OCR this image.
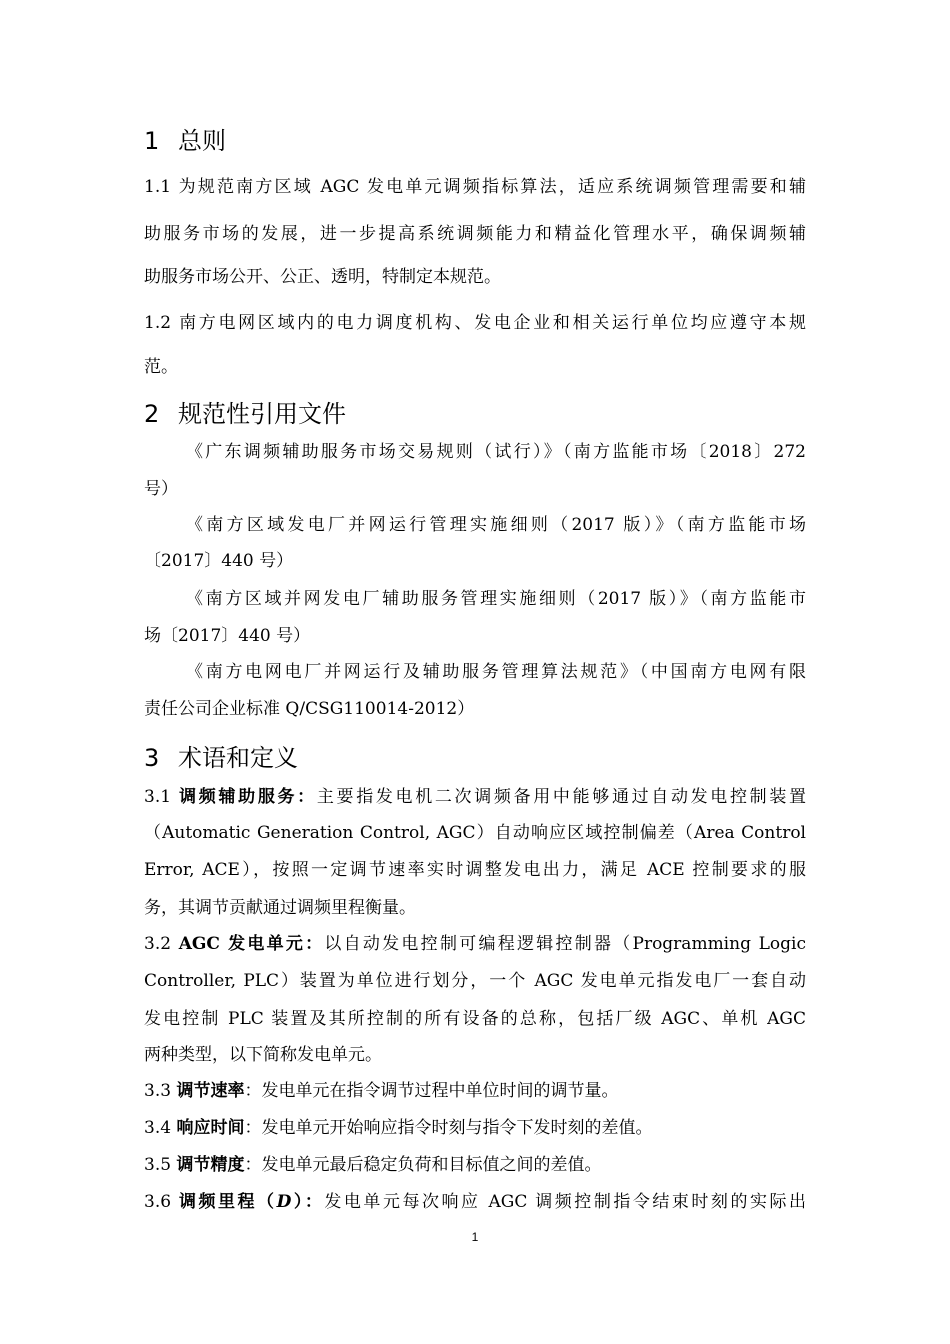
1 总则
1.1 为规范南方区域 AGC 发电单元调频指标算法，适应系统调频管理需要和辅
助服务市场的发展，进一步提高系统调频能力和精益化管理水平，确保调频辅
助服务市场公开、公正、透明，特制定本规范。
1.2 南方电网区域内的电力调度机构、发电企业和相关运行单位均应遵守本规
范。
2 规范性引用文件
《广东调频辅助服务市场交易规则（试行）》（南方监能市场〔2018〕272
号）
《南方区域发电厂并网运行管理实施细则（2017 版）》（南方监能市场
〔2017〕440 号）
《南方区域并网发电厂辅助服务管理实施细则（2017 版）》（南方监能市
场〔2017〕440 号）
《南方电网电厂并网运行及辅助服务管理算法规范》（中国南方电网有限
责任公司企业标准 Q/CSG110014-2012）
3 术语和定义
3.1 调频辅助服务：主要指发电机二次调频备用中能够通过自动发电控制装置
（Automatic Generation Control, AGC）自动响应区域控制偏差（Area Control
Error, ACE），按照一定调节速率实时调整发电出力，满足 ACE 控制要求的服
务，其调节贡献通过调频里程衡量。
3.2 AGC 发电单元：以自动发电控制可编程逻辑控制器（Programming Logic
Controller, PLC）装置为单位进行划分，一个 AGC 发电单元指发电厂一套自动
发电控制 PLC 装置及其所控制的所有设备的总称，包括厂级 AGC、单机 AGC
两种类型，以下简称发电单元。
3.3 调节速率：发电单元在指令调节过程中单位时间的调节量。
3.4 响应时间：发电单元开始响应指令时刻与指令下发时刻的差值。
3.5 调节精度：发电单元最后稳定负荷和目标值之间的差值。
3.6 调频里程（D）：发电单元每次响应 AGC 调频控制指令结束时刻的实际出
1
